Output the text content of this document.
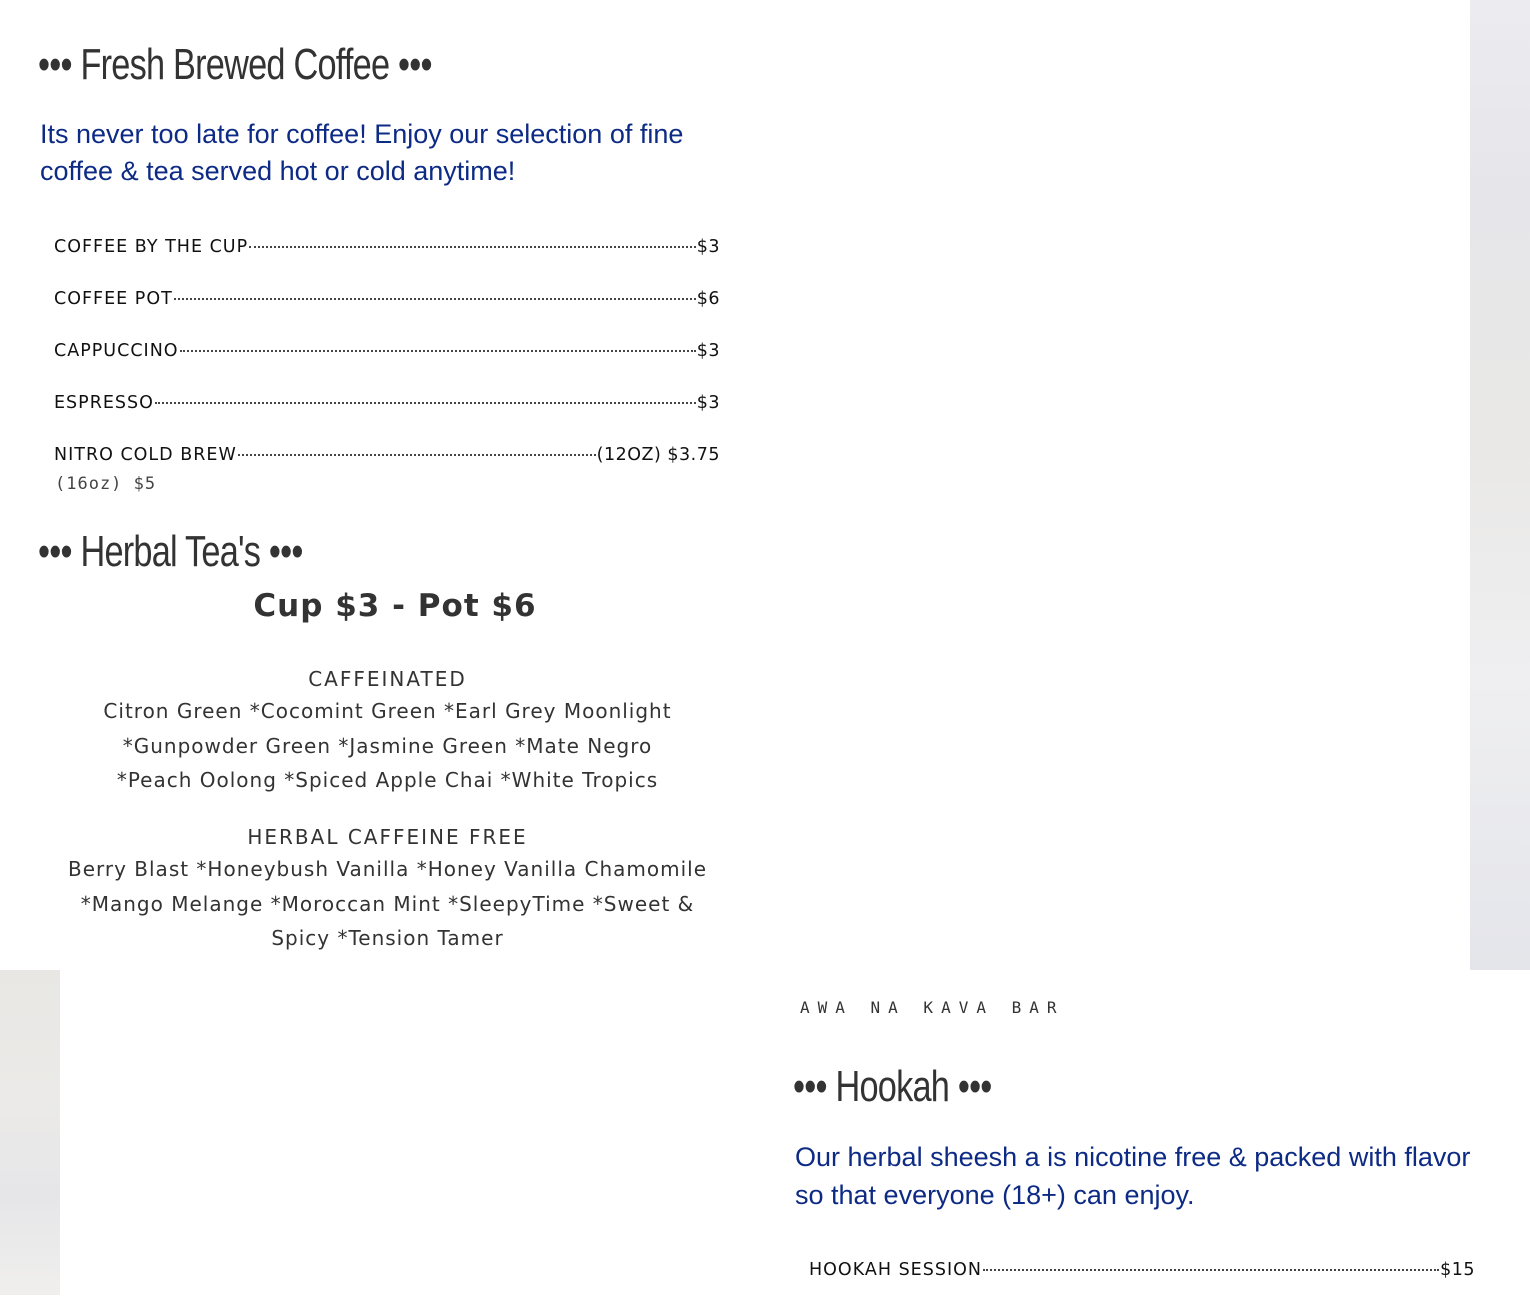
••• Fresh Brewed Coffee •••

Its never too late for coffee! Enjoy our selection of fine coffee & tea served hot or cold anytime!

COFFEE BY THE CUP	$3
COFFEE POT	$6
CAPPUCCINO	$3
ESPRESSO	$3
NITRO COLD BREW	(12OZ) $3.75

(16oz) $5

••• Herbal Tea's •••

Cup $3 - Pot $6

CAFFEINATED

Citron Green *Cocomint Green *Earl Grey Moonlight *Gunpowder Green *Jasmine Green *Mate Negro *Peach Oolong *Spiced Apple Chai *White Tropics

HERBAL CAFFEINE FREE

Berry Blast *Honeybush Vanilla *Honey Vanilla Chamomile *Mango Melange *Moroccan Mint *SleepyTime *Sweet & Spicy *Tension Tamer

AWA NA KAVA BAR

••• Hookah •••

Our herbal sheesh a is nicotine free & packed with flavor so that everyone (18+) can enjoy.

HOOKAH SESSION	$15
